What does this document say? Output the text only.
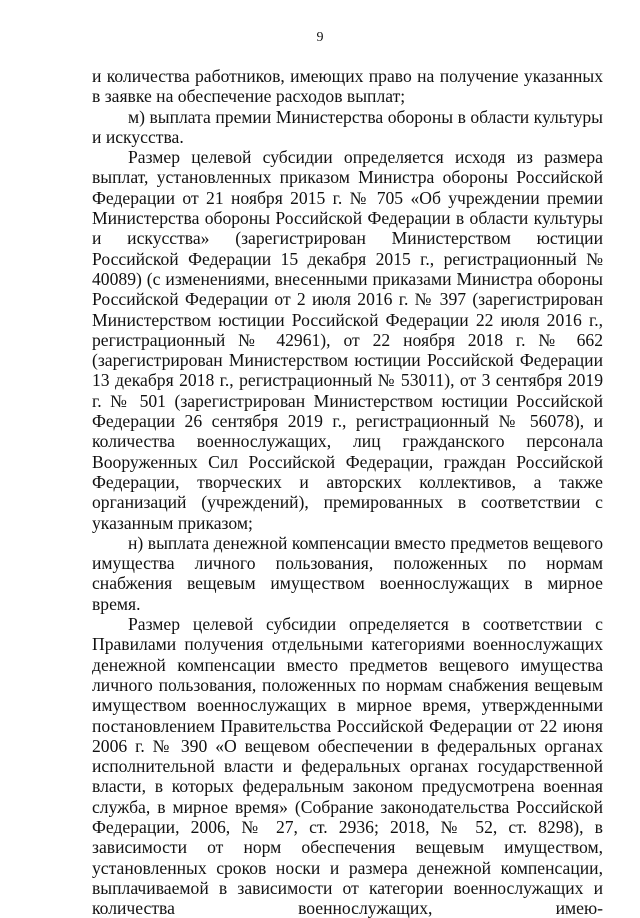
9

и количества работников, имеющих право на получение указанных в заявке на обеспечение расходов выплат;

м) выплата премии Министерства обороны в области культуры и искусства.

Размер целевой субсидии определяется исходя из размера выплат, установленных приказом Министра обороны Российской Федерации от 21 ноября 2015 г. № 705 «Об учреждении премии Министерства обороны Российской Федерации в области культуры и искусства» (зарегистрирован Министерством юстиции Российской Федерации 15 декабря 2015 г., регистрационный № 40089) (с изменениями, внесенными приказами Министра обороны Российской Федерации от 2 июля 2016 г. № 397 (зарегистрирован Министерством юстиции Российской Федерации 22 июля 2016 г., регистрационный № 42961), от 22 ноября 2018 г. № 662 (зарегистрирован Министерством юстиции Российской Федерации 13 декабря 2018 г., регистрационный № 53011), от 3 сентября 2019 г. № 501 (зарегистрирован Министерством юстиции Российской Федерации 26 сентября 2019 г., регистрационный № 56078), и количества военнослужащих, лиц гражданского персонала Вооруженных Сил Российской Федерации, граждан Российской Федерации, творческих и авторских коллективов, а также организаций (учреждений), премированных в соответствии с указанным приказом;

н) выплата денежной компенсации вместо предметов вещевого имущества личного пользования, положенных по нормам снабжения вещевым имуществом военнослужащих в мирное время.

Размер целевой субсидии определяется в соответствии с Правилами получения отдельными категориями военнослужащих денежной компенсации вместо предметов вещевого имущества личного пользования, положенных по нормам снабжения вещевым имуществом военнослужащих в мирное время, утвержденными постановлением Правительства Российской Федерации от 22 июня 2006 г. № 390 «О вещевом обеспечении в федеральных органах исполнительной власти и федеральных органах государственной власти, в которых федеральным законом предусмотрена военная служба, в мирное время» (Собрание законодательства Российской Федерации, 2006, № 27, ст. 2936; 2018, № 52, ст. 8298), в зависимости от норм обеспечения вещевым имуществом, установленных сроков носки и размера денежной компенсации, выплачиваемой в зависимости от категории военнослужащих и количества военнослужащих, имею-
